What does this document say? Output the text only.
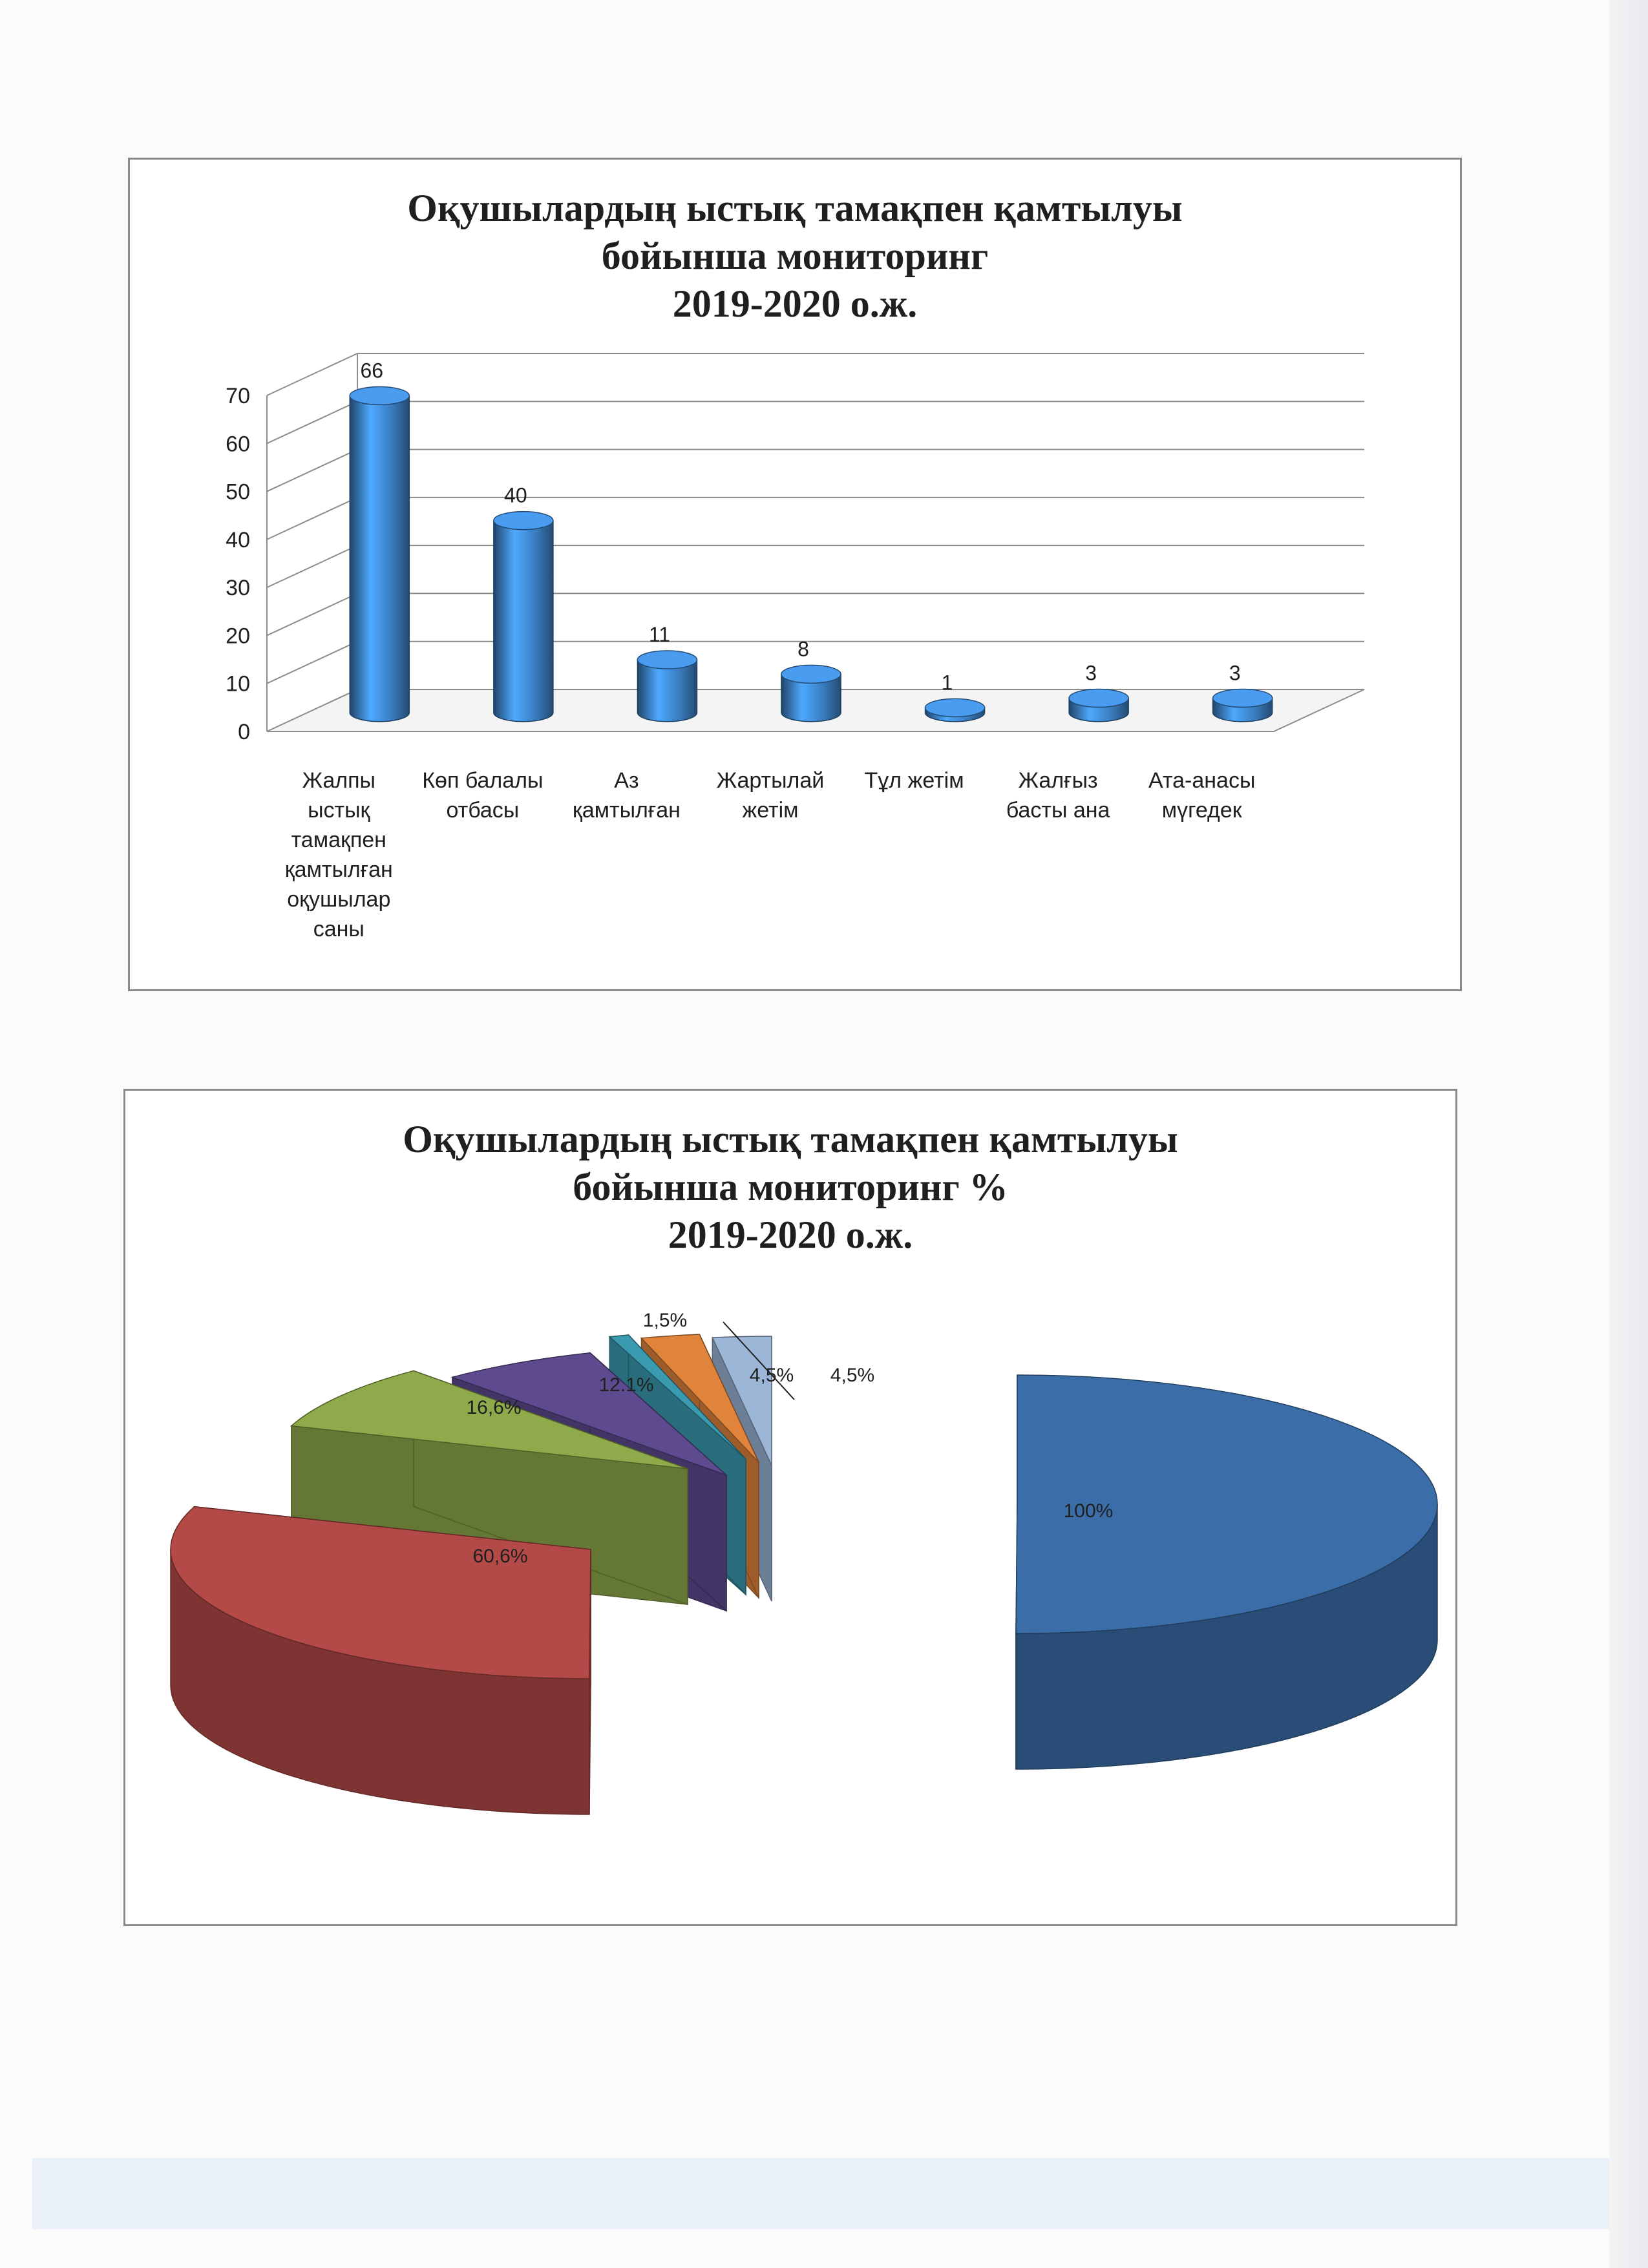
Оқушылардың ыстық тамақпен қамтылуы
бойынша мониторинг
2019-2020 о.ж.
0
10
20
30
40
50
60
70
66
Жалпы
ыстық
тамақпен
қамтылған
оқушылар
саны
40
Көп балалы
отбасы
11
Аз
қамтылған
8
Жартылай
жетім
1
Тұл жетім
3
Жалғыз
басты ана
3
Ата-анасы
мүгедек
Оқушылардың ыстық тамақпен қамтылуы
бойынша мониторинг %
2019-2020 о.ж.
100%
60,6%
16,6%
12.1%
1,5%
4,5% 4,5%
